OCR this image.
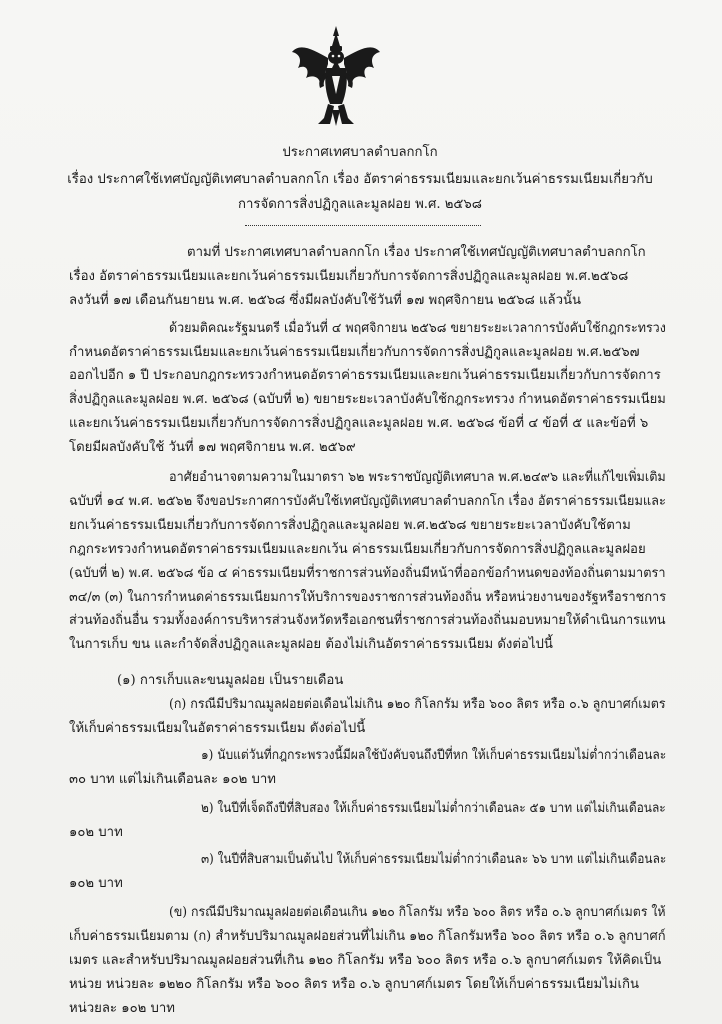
ประกาศเทศบาลตำบลกกโก
เรื่อง ประกาศใช้เทศบัญญัติเทศบาลตำบลกกโก เรื่อง อัตราค่าธรรมเนียมและยกเว้นค่าธรรมเนียมเกี่ยวกับ
การจัดการสิ่งปฏิกูลและมูลฝอย พ.ศ. ๒๕๖๘
ตามที่ ประกาศเทศบาลตำบลกกโก เรื่อง ประกาศใช้เทศบัญญัติเทศบาลตำบลกกโก
เรื่อง อัตราค่าธรรมเนียมและยกเว้นค่าธรรมเนียมเกี่ยวกับการจัดการสิ่งปฏิกูลและมูลฝอย พ.ศ.๒๕๖๘
ลงวันที่ ๑๗ เดือนกันยายน พ.ศ. ๒๕๖๘ ซึ่งมีผลบังคับใช้วันที่ ๑๗ พฤศจิกายน ๒๕๖๘ แล้วนั้น
ด้วยมติคณะรัฐมนตรี เมื่อวันที่ ๔ พฤศจิกายน ๒๕๖๘ ขยายระยะเวลาการบังคับใช้กฎกระทรวง
กำหนดอัตราค่าธรรมเนียมและยกเว้นค่าธรรมเนียมเกี่ยวกับการจัดการสิ่งปฏิกูลและมูลฝอย พ.ศ.๒๕๖๗
ออกไปอีก ๑ ปี ประกอบกฎกระทรวงกำหนดอัตราค่าธรรมเนียมและยกเว้นค่าธรรมเนียมเกี่ยวกับการจัดการ
สิ่งปฏิกูลและมูลฝอย พ.ศ. ๒๕๖๘ (ฉบับที่ ๒) ขยายระยะเวลาบังคับใช้กฎกระทรวง กำหนดอัตราค่าธรรมเนียม
และยกเว้นค่าธรรมเนียมเกี่ยวกับการจัดการสิ่งปฏิกูลและมูลฝอย พ.ศ. ๒๕๖๘ ข้อที่ ๔ ข้อที่ ๕ และข้อที่ ๖
โดยมีผลบังคับใช้ วันที่ ๑๗ พฤศจิกายน พ.ศ. ๒๕๖๙
อาศัยอำนาจตามความในมาตรา ๖๒ พระราชบัญญัติเทศบาล พ.ศ.๒๔๙๖ และที่แก้ไขเพิ่มเติม
ฉบับที่ ๑๔ พ.ศ. ๒๕๖๒ จึงขอประกาศการบังคับใช้เทศบัญญัติเทศบาลตำบลกกโก เรื่อง อัตราค่าธรรมเนียมและ
ยกเว้นค่าธรรมเนียมเกี่ยวกับการจัดการสิ่งปฏิกูลและมูลฝอย พ.ศ.๒๕๖๘ ขยายระยะเวลาบังคับใช้ตาม
กฎกระทรวงกำหนดอัตราค่าธรรมเนียมและยกเว้น ค่าธรรมเนียมเกี่ยวกับการจัดการสิ่งปฏิกูลและมูลฝอย
(ฉบับที่ ๒) พ.ศ. ๒๕๖๘ ข้อ ๔ ค่าธรรมเนียมที่ราชการส่วนท้องถิ่นมีหน้าที่ออกข้อกำหนดของท้องถิ่นตามมาตรา
๓๔/๓ (๓) ในการกำหนดค่าธรรมเนียมการให้บริการของราชการส่วนท้องถิ่น หรือหน่วยงานของรัฐหรือราชการ
ส่วนท้องถิ่นอื่น รวมทั้งองค์การบริหารส่วนจังหวัดหรือเอกชนที่ราชการส่วนท้องถิ่นมอบหมายให้ดำเนินการแทน
ในการเก็บ ขน และกำจัดสิ่งปฏิกูลและมูลฝอย ต้องไม่เกินอัตราค่าธรรมเนียม ดังต่อไปนี้
(๑) การเก็บและขนมูลฝอย เป็นรายเดือน
(ก) กรณีมีปริมาณมูลฝอยต่อเดือนไม่เกิน ๑๒๐ กิโลกรัม หรือ ๖๐๐ ลิตร หรือ ๐.๖ ลูกบาศก์เมตร
ให้เก็บค่าธรรมเนียมในอัตราค่าธรรมเนียม ดังต่อไปนี้
๑) นับแต่วันที่กฎกระพรวงนี้มีผลใช้บังคับจนถึงปีที่หก ให้เก็บค่าธรรมเนียมไม่ต่ำกว่าเดือนละ
๓๐ บาท แต่ไม่เกินเดือนละ ๑๐๒ บาท
๒) ในปีที่เจ็ดถึงปีที่สิบสอง ให้เก็บค่าธรรมเนียมไม่ต่ำกว่าเดือนละ ๕๑ บาท แต่ไม่เกินเดือนละ
๑๐๒ บาท
๓) ในปีที่สิบสามเป็นต้นไป ให้เก็บค่าธรรมเนียมไม่ต่ำกว่าเดือนละ ๖๖ บาท แต่ไม่เกินเดือนละ
๑๐๒ บาท
(ข) กรณีมีปริมาณมูลฝอยต่อเดือนเกิน ๑๒๐ กิโลกรัม หรือ ๖๐๐ ลิตร หรือ ๐.๖ ลูกบาศก์เมตร ให้
เก็บค่าธรรมเนียมตาม (ก) สำหรับปริมาณมูลฝอยส่วนที่ไม่เกิน ๑๒๐ กิโลกรัมหรือ ๖๐๐ ลิตร หรือ ๐.๖ ลูกบาศก์
เมตร และสำหรับปริมาณมูลฝอยส่วนที่เกิน ๑๒๐ กิโลกรัม หรือ ๖๐๐ ลิตร หรือ ๐.๖ ลูกบาศก์เมตร ให้คิดเป็น
หน่วย หน่วยละ ๑๒๒๐ กิโลกรัม หรือ ๖๐๐ ลิตร หรือ ๐.๖ ลูกบาศก์เมตร โดยให้เก็บค่าธรรมเนียมไม่เกิน
หน่วยละ ๑๐๒ บาท
